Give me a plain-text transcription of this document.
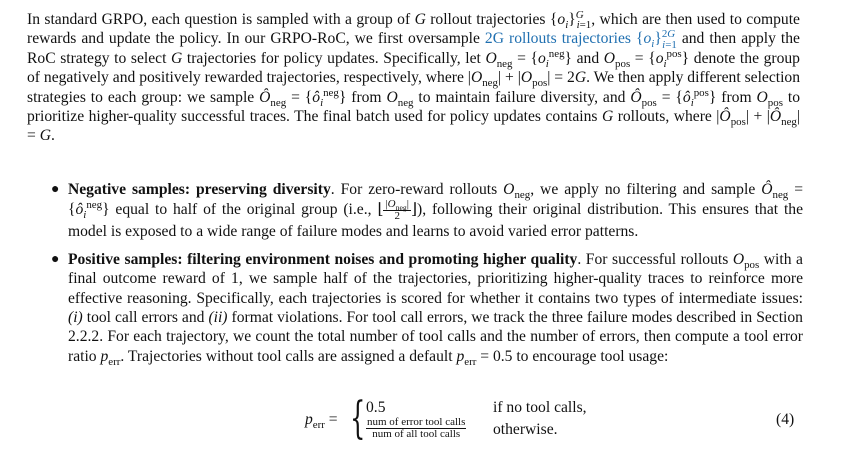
In standard GRPO, each question is sampled with a group of G rollout trajectories $\{o_i\}^G_{i=1}$, which are then used to compute rewards and update the policy. In our GRPO-RoC, we first oversample 2G rollouts trajectories $\{o_i\}^{2G}_{i=1}$ and then apply the RoC strategy to select G trajectories for policy updates. Specifically, let $O_{neg} = \{o_i^{neg}\}$ and $O_{pos} = \{o_i^{pos}\}$ denote the group of negatively and positively rewarded trajectories, respectively, where $|O_{neg}| + |O_{pos}| = 2G$. We then apply different selection strategies to each group: we sample $Ô_{neg}$ = $\{ô_i^{neg}\}$ from $O_{neg}$ to maintain failure diversity, and $Ô_{pos}$ = $\{ô_i^{pos}\}$ from $O_{pos}$ to prioritize higher-quality successful traces. The final batch used for policy updates contains G rollouts, where $|Ô_{pos}|$ + $|Ô_{neg}| = G$.

● Negative samples: preserving diversity. For zero-reward rollouts $O_{neg}$, we apply no filtering and sample $Ô_{neg}$ = $\{ô_i^{neg}\}$ equal to half of the original group (i.e., ⌊ $\frac{|O_{neg}|}{2}$ ⌋), following their original distribution. This ensures that the model is exposed to a wide range of failure modes and learns to avoid varied error patterns.
● Positive samples: filtering environment noises and promoting higher quality. For successful rollouts $O_{pos}$ with a final outcome reward of 1, we sample half of the trajectories, prioritizing higher-quality traces to reinforce more effective reasoning. Specifically, each trajectories is scored for whether it contains two types of intermediate issues: (i) tool call errors and (ii) format violations. For tool call errors, we track the three failure modes described in Section 2.2.2. For each trajectory, we count the total number of tool calls and the number of errors, then compute a tool error ratio $p_{err}$. Trajectories without tool calls are assigned a default $p_{err} = 0.5$ to encourage tool usage:
$p_{err}$ = { 0.5
num of error tool calls
num of all tool calls
if no tool calls,
otherwise.
(4)
